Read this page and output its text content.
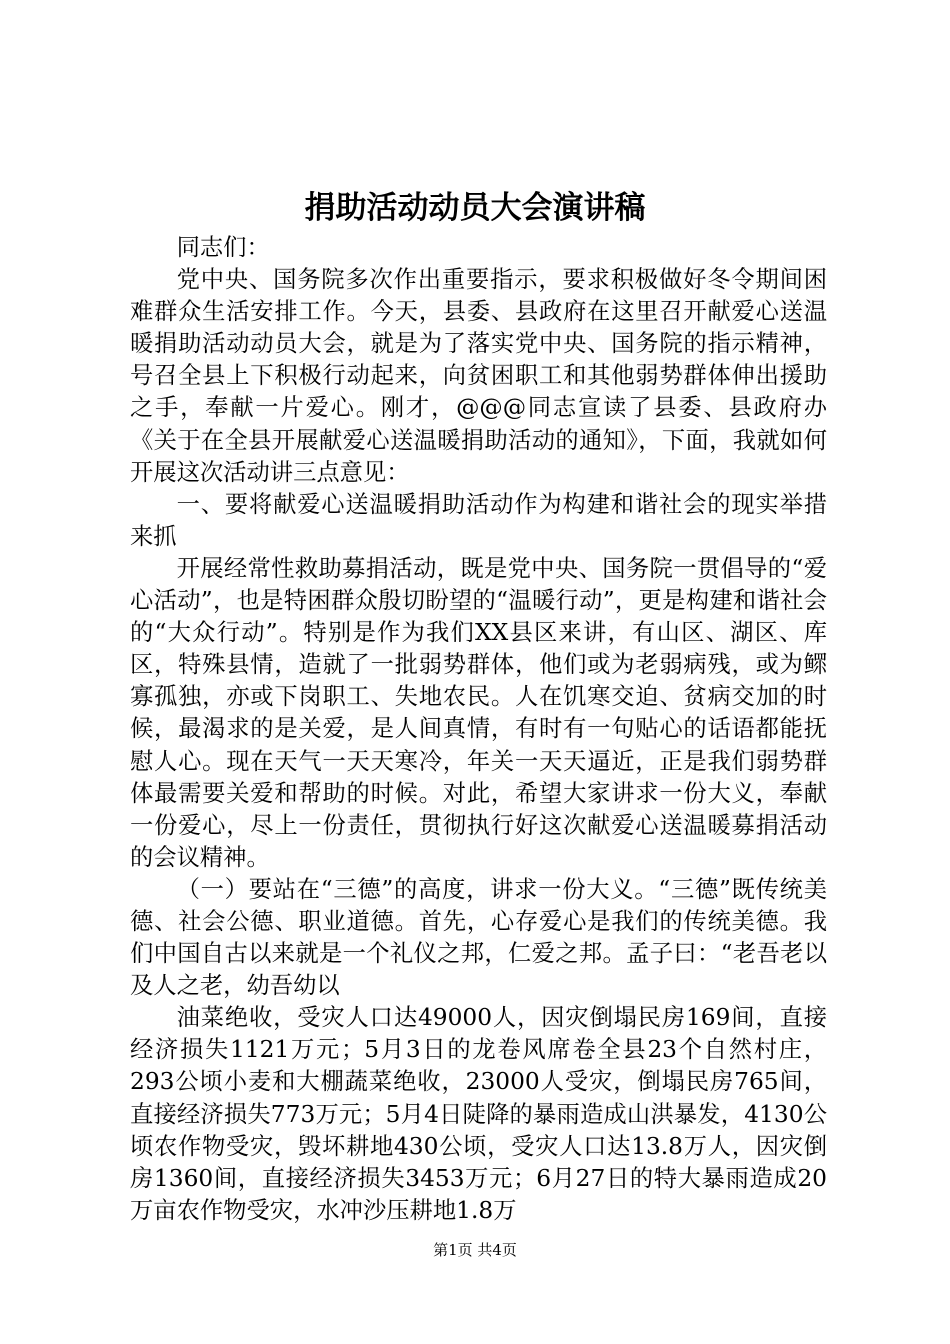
捐助活动动员大会演讲稿

同志们：

党中央、国务院多次作出重要指示，要求积极做好冬令期间困难群众生活安排工作。今天，县委、县政府在这里召开献爱心送温暖捐助活动动员大会，就是为了落实党中央、国务院的指示精神，号召全县上下积极行动起来，向贫困职工和其他弱势群体伸出援助之手，奉献一片爱心。刚才，@@@同志宣读了县委、县政府办《关于在全县开展献爱心送温暖捐助活动的通知》，下面，我就如何开展这次活动讲三点意见：

一、要将献爱心送温暖捐助活动作为构建和谐社会的现实举措来抓

开展经常性救助募捐活动，既是党中央、国务院一贯倡导的“爱心活动”，也是特困群众殷切盼望的“温暖行动”，更是构建和谐社会的“大众行动”。特别是作为我们XX县区来讲，有山区、湖区、库区，特殊县情，造就了一批弱势群体，他们或为老弱病残，或为鳏寡孤独，亦或下岗职工、失地农民。人在饥寒交迫、贫病交加的时候，最渴求的是关爱，是人间真情，有时有一句贴心的话语都能抚慰人心。现在天气一天天寒冷，年关一天天逼近，正是我们弱势群体最需要关爱和帮助的时候。对此，希望大家讲求一份大义，奉献一份爱心，尽上一份责任，贯彻执行好这次献爱心送温暖募捐活动的会议精神。

（一）要站在“三德”的高度，讲求一份大义。“三德”既传统美德、社会公德、职业道德。首先，心存爱心是我们的传统美德。我们中国自古以来就是一个礼仪之邦，仁爱之邦。孟子曰：“老吾老以及人之老，幼吾幼以

油菜绝收，受灾人口达49000人，因灾倒塌民房169间，直接经济损失1121万元；5月3日的龙卷风席卷全县23个自然村庄，293公顷小麦和大棚蔬菜绝收，23000人受灾，倒塌民房765间，直接经济损失773万元；5月4日陡降的暴雨造成山洪暴发，4130公顷农作物受灾，毁坏耕地430公顷，受灾人口达13.8万人，因灾倒房1360间，直接经济损失3453万元；6月27日的特大暴雨造成20万亩农作物受灾，水冲沙压耕地1.8万

第1页 共4页
